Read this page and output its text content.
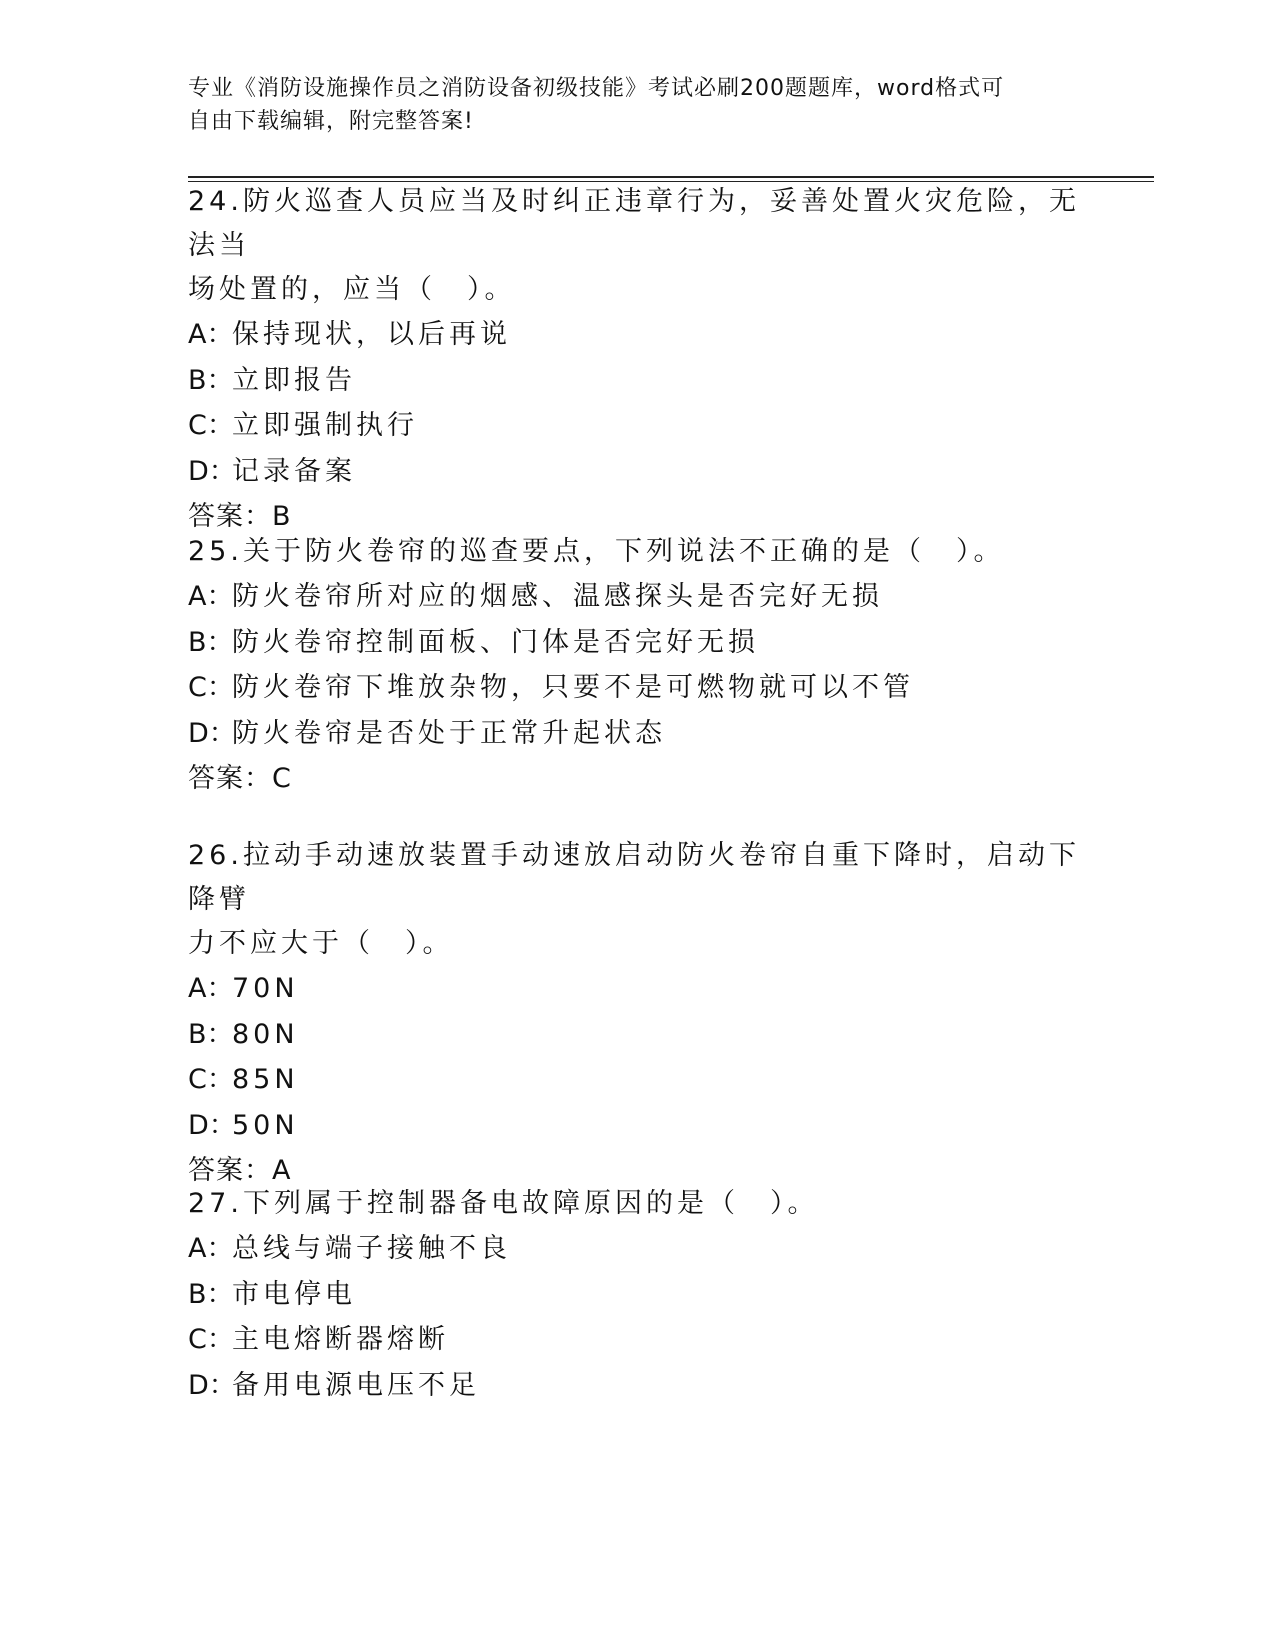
专业《消防设施操作员之消防设备初级技能》考试必刷200题题库，word格式可
自由下载编辑，附完整答案!

24.防火巡查人员应当及时纠正违章行为，妥善处置火灾危险，无法当

场处置的，应当（　）。

A：保持现状，以后再说

B：立即报告

C：立即强制执行

D：记录备案

答案：B

25.关于防火卷帘的巡查要点，下列说法不正确的是（　）。

A：防火卷帘所对应的烟感、温感探头是否完好无损

B：防火卷帘控制面板、门体是否完好无损

C：防火卷帘下堆放杂物，只要不是可燃物就可以不管

D：防火卷帘是否处于正常升起状态

答案：C

26.拉动手动速放装置手动速放启动防火卷帘自重下降时，启动下降臂

力不应大于（　）。

A：70N

B：80N

C：85N

D：50N

答案：A

27.下列属于控制器备电故障原因的是（　）。

A：总线与端子接触不良

B：市电停电

C：主电熔断器熔断

D：备用电源电压不足
